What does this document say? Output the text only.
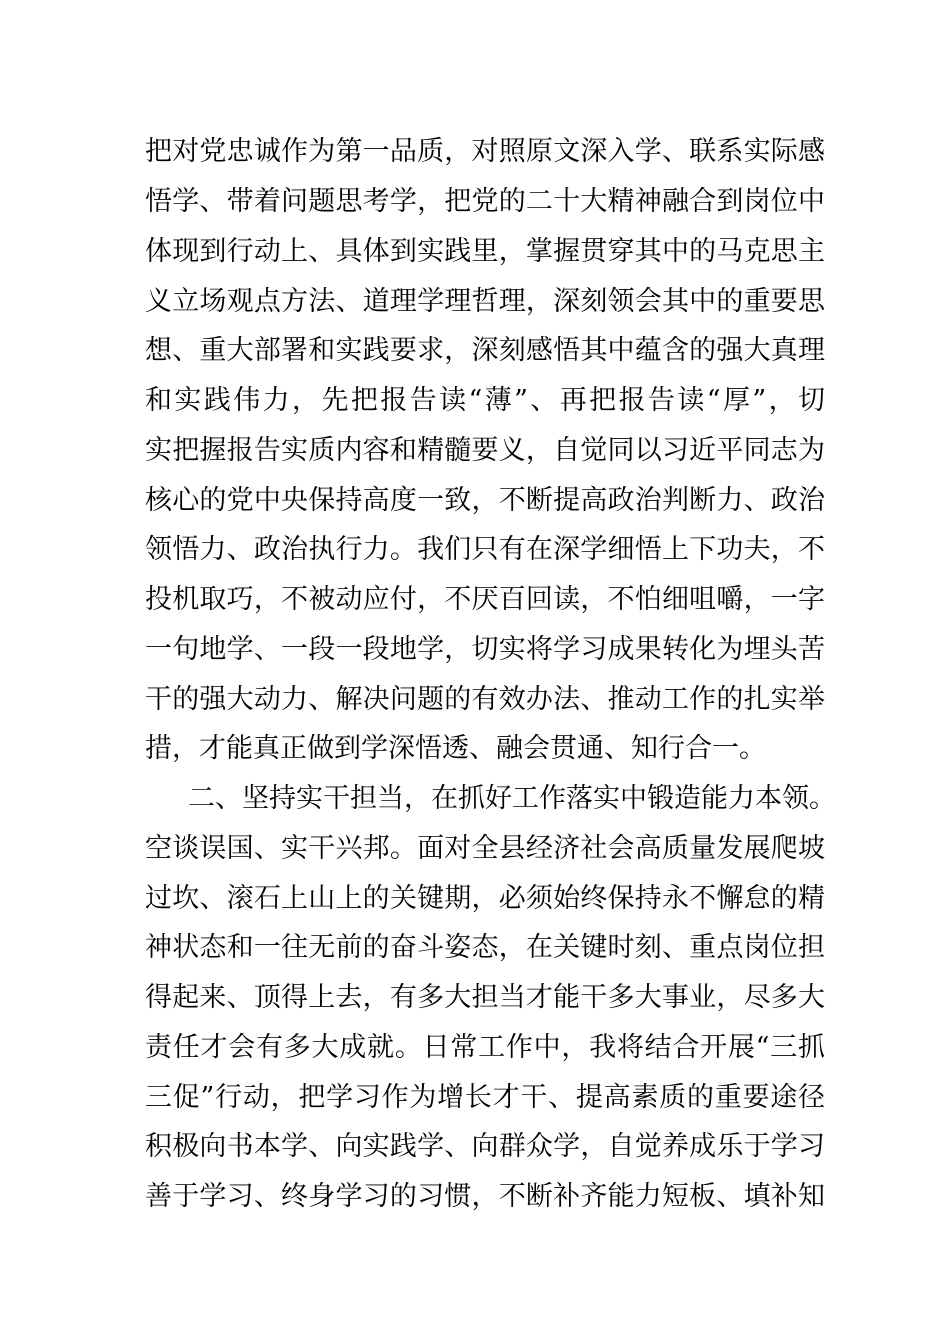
把对党忠诚作为第一品质，对照原文深入学、联系实际感
悟学、带着问题思考学，把党的二十大精神融合到岗位中
体现到行动上、具体到实践里，掌握贯穿其中的马克思主
义立场观点方法、道理学理哲理，深刻领会其中的重要思
想、重大部署和实践要求，深刻感悟其中蕴含的强大真理
和实践伟力，先把报告读“薄”、再把报告读“厚”，切
实把握报告实质内容和精髓要义，自觉同以习近平同志为
核心的党中央保持高度一致，不断提高政治判断力、政治
领悟力、政治执行力。我们只有在深学细悟上下功夫，不
投机取巧，不被动应付，不厌百回读，不怕细咀嚼，一字
一句地学、一段一段地学，切实将学习成果转化为埋头苦
干的强大动力、解决问题的有效办法、推动工作的扎实举
措，才能真正做到学深悟透、融会贯通、知行合一。
二、坚持实干担当，在抓好工作落实中锻造能力本领。
空谈误国、实干兴邦。面对全县经济社会高质量发展爬坡
过坎、滚石上山上的关键期，必须始终保持永不懈怠的精
神状态和一往无前的奋斗姿态，在关键时刻、重点岗位担
得起来、顶得上去，有多大担当才能干多大事业，尽多大
责任才会有多大成就。日常工作中，我将结合开展“三抓
三促”行动，把学习作为增长才干、提高素质的重要途径
积极向书本学、向实践学、向群众学，自觉养成乐于学习
善于学习、终身学习的习惯，不断补齐能力短板、填补知
